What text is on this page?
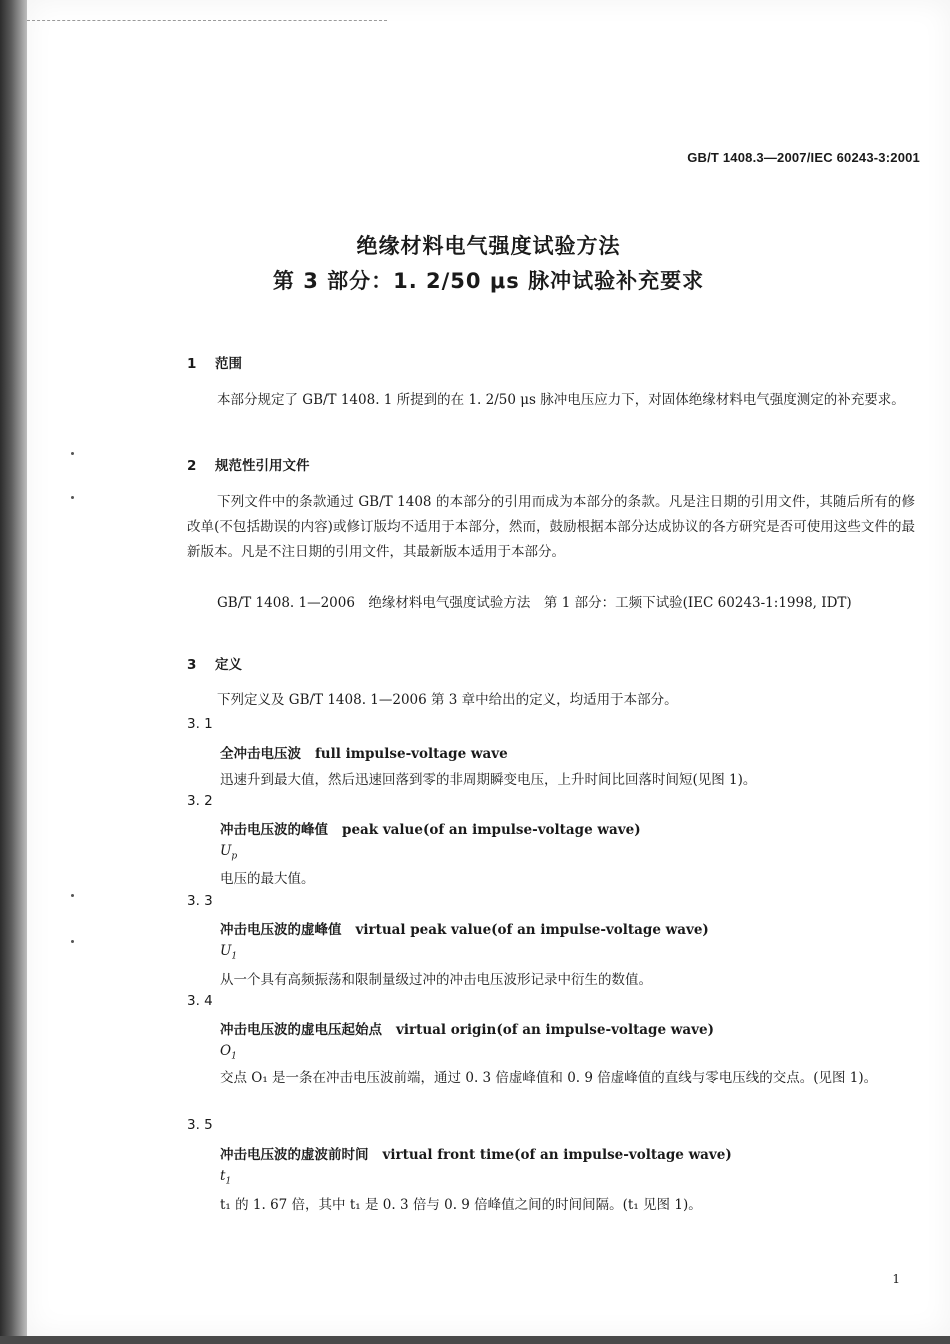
GB/T 1408.3—2007/IEC 60243-3:2001
绝缘材料电气强度试验方法
第 3 部分：1. 2/50 μs 脉冲试验补充要求
1 范围
本部分规定了 GB/T 1408. 1 所提到的在 1. 2/50 μs 脉冲电压应力下，对固体绝缘材料电气强度测定的补充要求。
2 规范性引用文件
下列文件中的条款通过 GB/T 1408 的本部分的引用而成为本部分的条款。凡是注日期的引用文件，其随后所有的修改单(不包括勘误的内容)或修订版均不适用于本部分，然而，鼓励根据本部分达成协议的各方研究是否可使用这些文件的最新版本。凡是不注日期的引用文件，其最新版本适用于本部分。
GB/T 1408. 1—2006　绝缘材料电气强度试验方法　第 1 部分：工频下试验(IEC 60243-1:1998, IDT)
3 定义
下列定义及 GB/T 1408. 1—2006 第 3 章中给出的定义，均适用于本部分。
3. 1
全冲击电压波 full impulse-voltage wave
迅速升到最大值，然后迅速回落到零的非周期瞬变电压，上升时间比回落时间短(见图 1)。
3. 2
冲击电压波的峰值 peak value(of an impulse-voltage wave)
$U_p$
电压的最大值。
3. 3
冲击电压波的虚峰值 virtual peak value(of an impulse-voltage wave)
$U_1$
从一个具有高频振荡和限制量级过冲的冲击电压波形记录中衍生的数值。
3. 4
冲击电压波的虚电压起始点 virtual origin(of an impulse-voltage wave)
$O_1$
交点 O₁ 是一条在冲击电压波前端，通过 0. 3 倍虚峰值和 0. 9 倍虚峰值的直线与零电压线的交点。(见图 1)。
3. 5
冲击电压波的虚波前时间 virtual front time(of an impulse-voltage wave)
$t_1$
t₁ 的 1. 67 倍，其中 t₁ 是 0. 3 倍与 0. 9 倍峰值之间的时间间隔。(t₁ 见图 1)。
1
